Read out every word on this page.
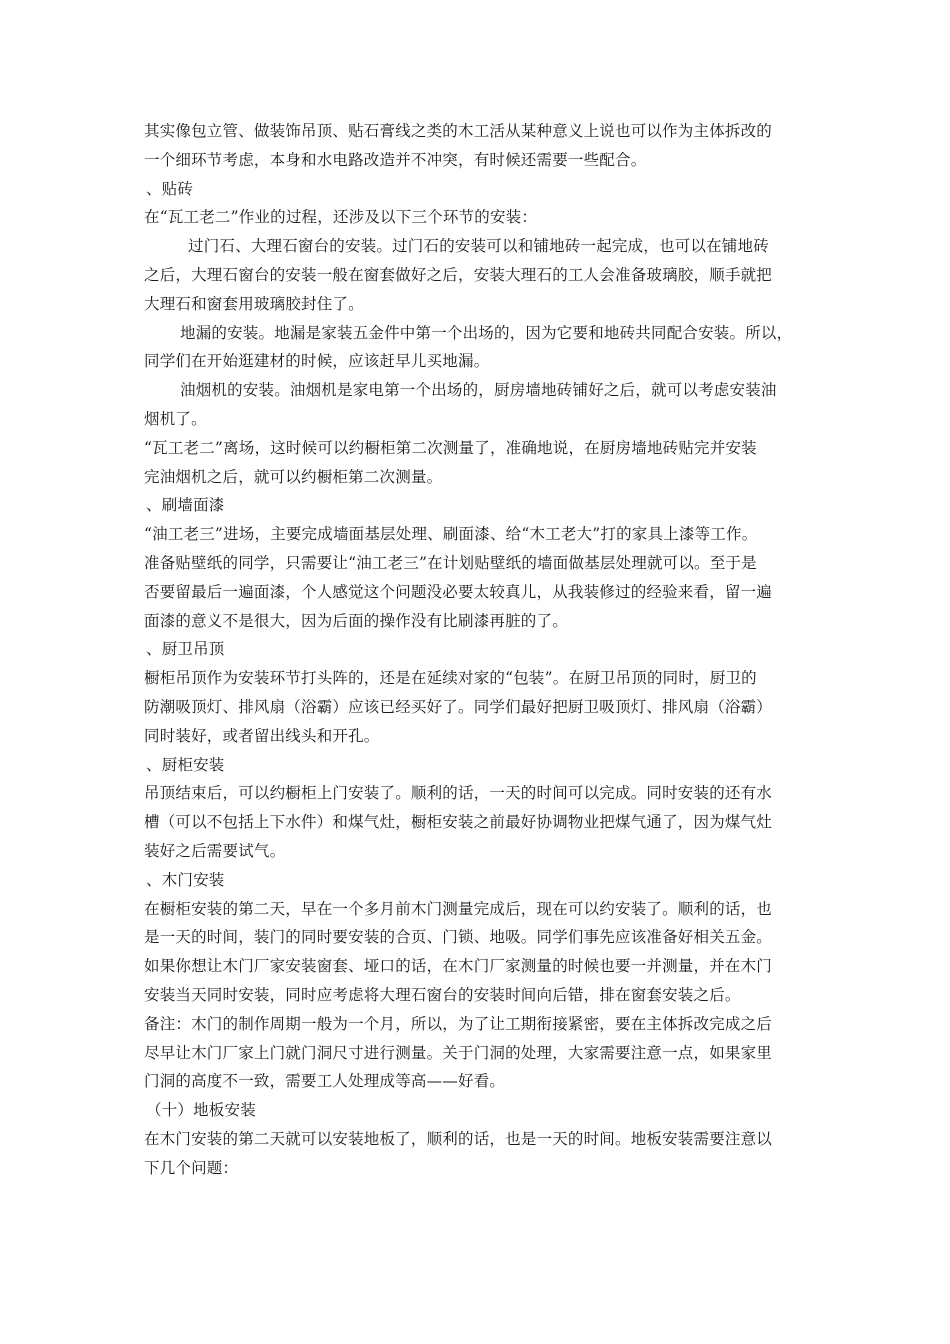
其实像包立管、做装饰吊顶、贴石膏线之类的木工活从某种意义上说也可以作为主体拆改的
一个细环节考虑，本身和水电路改造并不冲突，有时候还需要一些配合。
、贴砖
在“瓦工老二”作业的过程，还涉及以下三个环节的安装：
过门石、大理石窗台的安装。过门石的安装可以和铺地砖一起完成，也可以在铺地砖
之后，大理石窗台的安装一般在窗套做好之后，安装大理石的工人会准备玻璃胶，顺手就把
大理石和窗套用玻璃胶封住了。
地漏的安装。地漏是家装五金件中第一个出场的，因为它要和地砖共同配合安装。所以，
同学们在开始逛建材的时候，应该赶早儿买地漏。
油烟机的安装。油烟机是家电第一个出场的，厨房墙地砖铺好之后，就可以考虑安装油
烟机了。
“瓦工老二”离场，这时候可以约橱柜第二次测量了，准确地说，在厨房墙地砖贴完并安装
完油烟机之后，就可以约橱柜第二次测量。
、刷墙面漆
“油工老三”进场，主要完成墙面基层处理、刷面漆、给“木工老大”打的家具上漆等工作。
准备贴壁纸的同学，只需要让“油工老三”在计划贴壁纸的墙面做基层处理就可以。至于是
否要留最后一遍面漆，个人感觉这个问题没必要太较真儿，从我装修过的经验来看，留一遍
面漆的意义不是很大，因为后面的操作没有比刷漆再脏的了。
、厨卫吊顶
橱柜吊顶作为安装环节打头阵的，还是在延续对家的“包装”。在厨卫吊顶的同时，厨卫的
防潮吸顶灯、排风扇（浴霸）应该已经买好了。同学们最好把厨卫吸顶灯、排风扇（浴霸）
同时装好，或者留出线头和开孔。
、厨柜安装
吊顶结束后，可以约橱柜上门安装了。顺利的话，一天的时间可以完成。同时安装的还有水
槽（可以不包括上下水件）和煤气灶，橱柜安装之前最好协调物业把煤气通了，因为煤气灶
装好之后需要试气。
、木门安装
在橱柜安装的第二天，早在一个多月前木门测量完成后，现在可以约安装了。顺利的话，也
是一天的时间，装门的同时要安装的合页、门锁、地吸。同学们事先应该准备好相关五金。
如果你想让木门厂家安装窗套、垭口的话，在木门厂家测量的时候也要一并测量，并在木门
安装当天同时安装，同时应考虑将大理石窗台的安装时间向后错，排在窗套安装之后。
备注：木门的制作周期一般为一个月，所以，为了让工期衔接紧密，要在主体拆改完成之后
尽早让木门厂家上门就门洞尺寸进行测量。关于门洞的处理，大家需要注意一点，如果家里
门洞的高度不一致，需要工人处理成等高——好看。
（十）地板安装
在木门安装的第二天就可以安装地板了，顺利的话，也是一天的时间。地板安装需要注意以
下几个问题：
